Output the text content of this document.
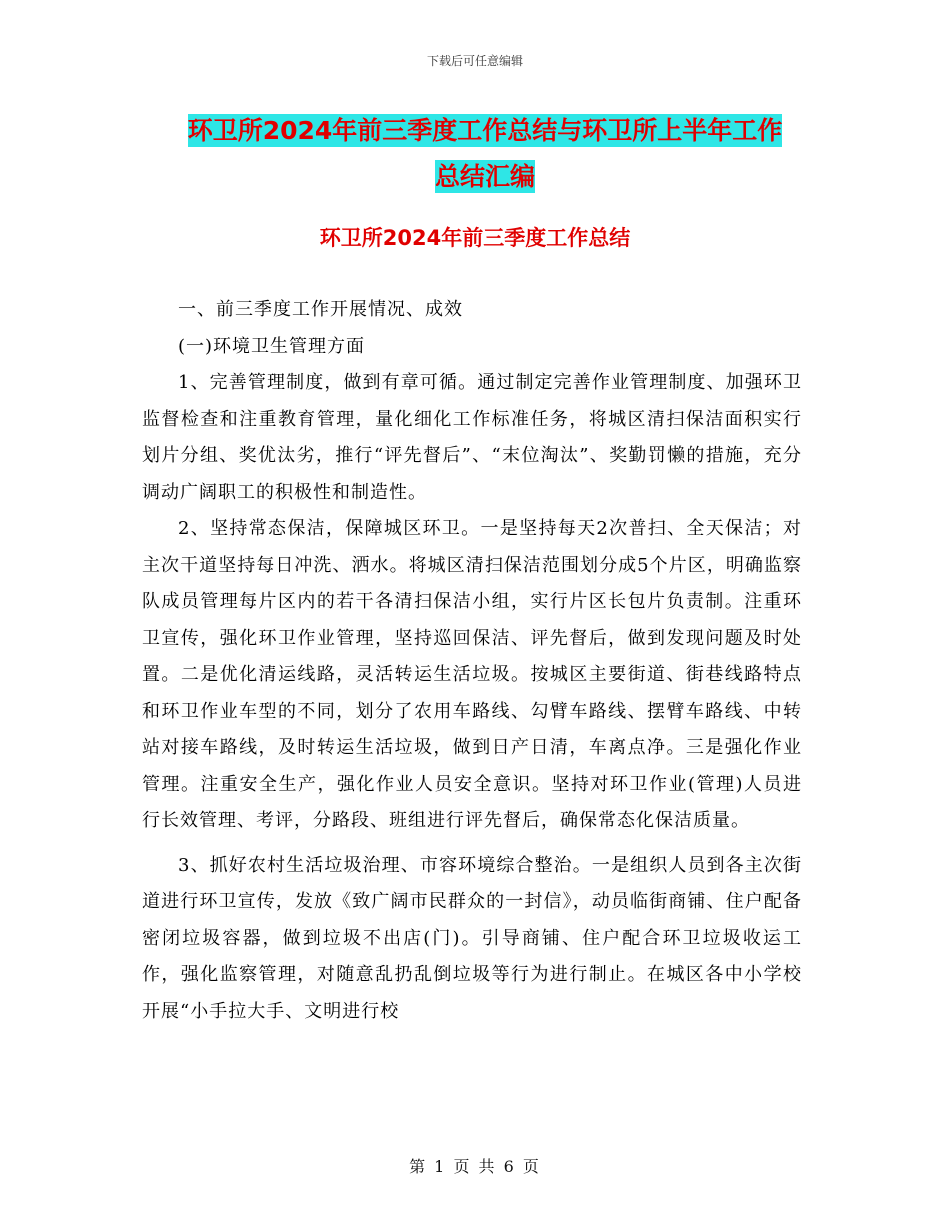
下载后可任意编辑
环卫所2024年前三季度工作总结与环卫所上半年工作
总结汇编
环卫所2024年前三季度工作总结

一、前三季度工作开展情况、成效

(一)环境卫生管理方面

1、完善管理制度，做到有章可循。通过制定完善作业管理制度、加强环卫监督检查和注重教育管理，量化细化工作标准任务，将城区清扫保洁面积实行划片分组、奖优汰劣，推行“评先督后”、“末位淘汰”、奖勤罚懒的措施，充分调动广阔职工的积极性和制造性。

2、坚持常态保洁，保障城区环卫。一是坚持每天2次普扫、全天保洁；对主次干道坚持每日冲洗、洒水。将城区清扫保洁范围划分成5个片区，明确监察队成员管理每片区内的若干各清扫保洁小组，实行片区长包片负责制。注重环卫宣传，强化环卫作业管理，坚持巡回保洁、评先督后，做到发现问题及时处置。二是优化清运线路，灵活转运生活垃圾。按城区主要街道、街巷线路特点和环卫作业车型的不同，划分了农用车路线、勾臂车路线、摆臂车路线、中转站对接车路线，及时转运生活垃圾，做到日产日清，车离点净。三是强化作业管理。注重安全生产，强化作业人员安全意识。坚持对环卫作业(管理)人员进行长效管理、考评，分路段、班组进行评先督后，确保常态化保洁质量。

3、抓好农村生活垃圾治理、市容环境综合整治。一是组织人员到各主次街道进行环卫宣传，发放《致广阔市民群众的一封信》，动员临街商铺、住户配备密闭垃圾容器，做到垃圾不出店(门)。引导商铺、住户配合环卫垃圾收运工作，强化监察管理，对随意乱扔乱倒垃圾等行为进行制止。在城区各中小学校开展“小手拉大手、文明进行校

第 1 页 共 6 页
